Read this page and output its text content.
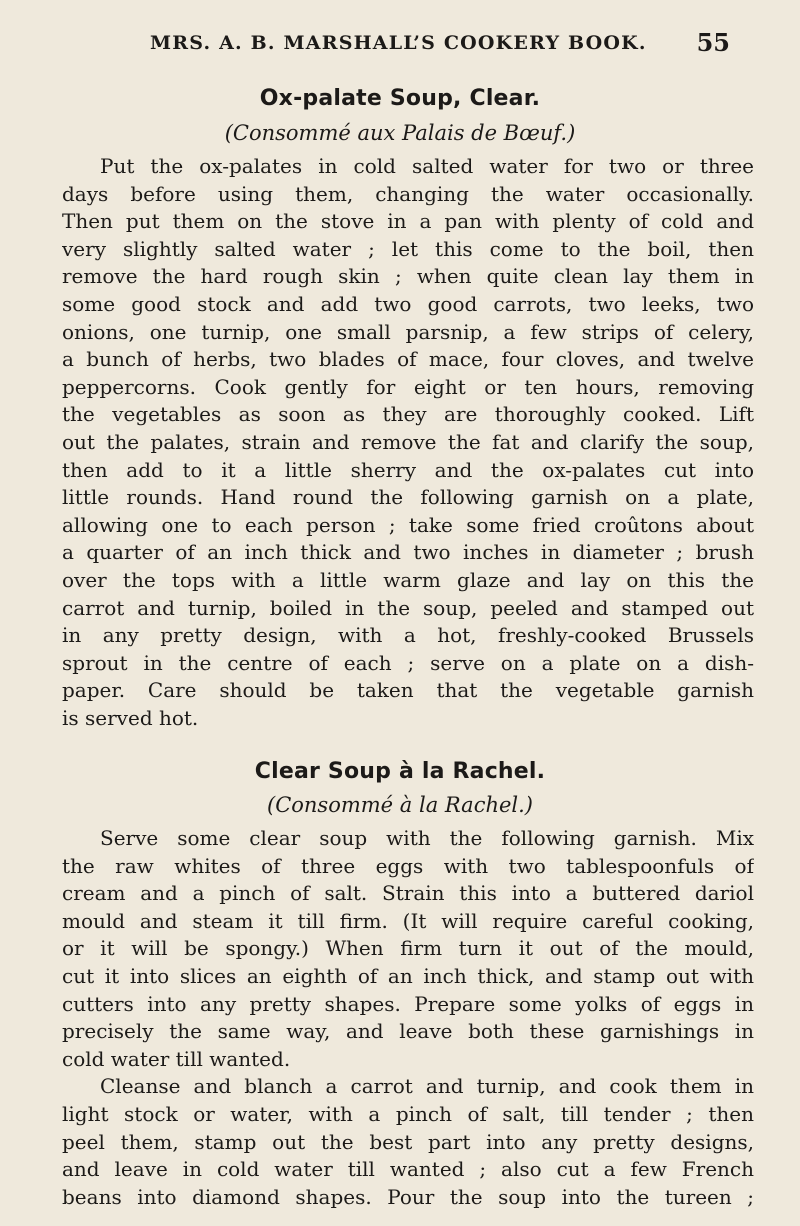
MRS. A. B. MARSHALL’S COOKERY BOOK. 55
Ox-palate Soup, Clear.
(Consommé aux Palais de Bœuf.)
Put the ox-palates in cold salted water for two or three
days before using them, changing the water occasionally.
Then put them on the stove in a pan with plenty of cold and
very slightly salted water ; let this come to the boil, then
remove the hard rough skin ; when quite clean lay them in
some good stock and add two good carrots, two leeks, two
onions, one turnip, one small parsnip, a few strips of celery,
a bunch of herbs, two blades of mace, four cloves, and twelve
peppercorns. Cook gently for eight or ten hours, removing
the vegetables as soon as they are thoroughly cooked. Lift
out the palates, strain and remove the fat and clarify the soup,
then add to it a little sherry and the ox-palates cut into
little rounds. Hand round the following garnish on a plate,
allowing one to each person ; take some fried croûtons about
a quarter of an inch thick and two inches in diameter ; brush
over the tops with a little warm glaze and lay on this the
carrot and turnip, boiled in the soup, peeled and stamped out
in any pretty design, with a hot, freshly-cooked Brussels
sprout in the centre of each ; serve on a plate on a dish-
paper. Care should be taken that the vegetable garnish
is served hot.
Clear Soup à la Rachel.
(Consommé à la Rachel.)
Serve some clear soup with the following garnish. Mix
the raw whites of three eggs with two tablespoonfuls of
cream and a pinch of salt. Strain this into a buttered dariol
mould and steam it till firm. (It will require careful cooking,
or it will be spongy.) When firm turn it out of the mould,
cut it into slices an eighth of an inch thick, and stamp out with
cutters into any pretty shapes. Prepare some yolks of eggs in
precisely the same way, and leave both these garnishings in
cold water till wanted.
Cleanse and blanch a carrot and turnip, and cook them in
light stock or water, with a pinch of salt, till tender ; then
peel them, stamp out the best part into any pretty designs,
and leave in cold water till wanted ; also cut a few French
beans into diamond shapes. Pour the soup into the tureen ;
